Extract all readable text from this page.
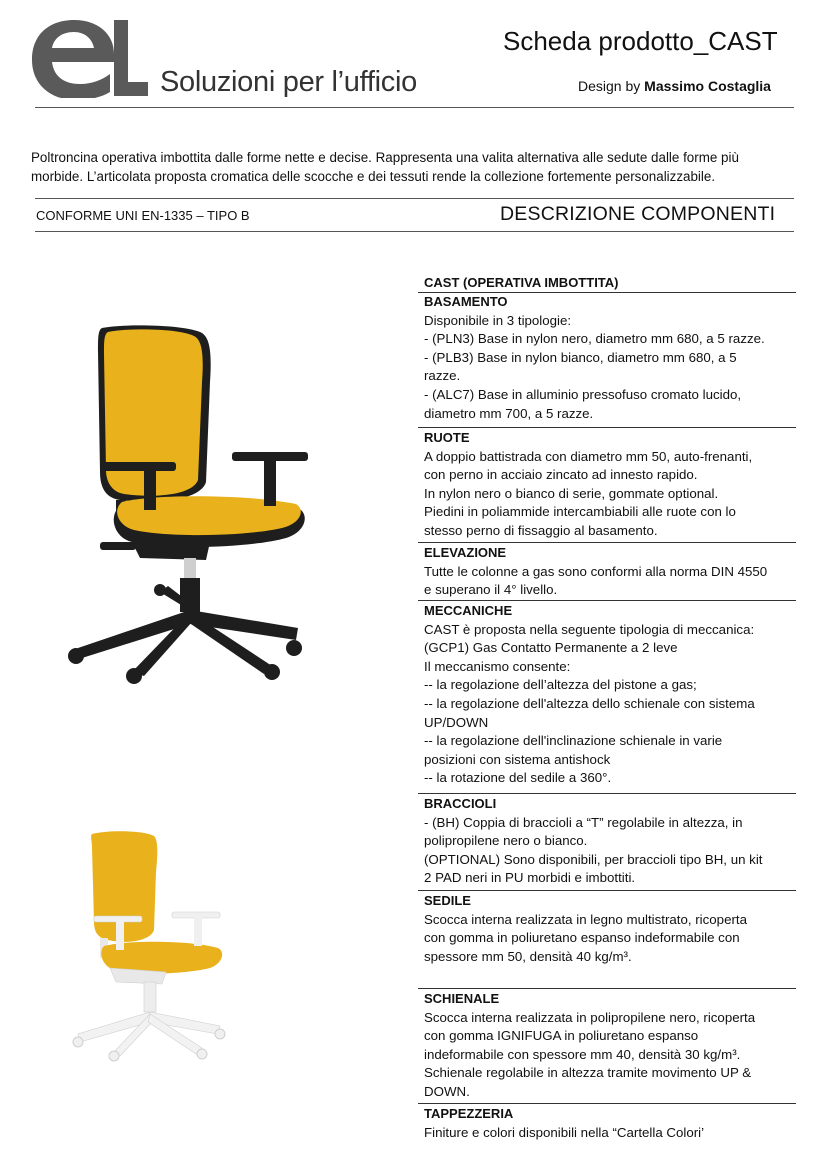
Soluzioni per l’ufficio
Scheda prodotto_CAST
Design by Massimo Costaglia
Poltroncina operativa imbottita dalle forme nette e decise. Rappresenta una valita alternativa alle sedute dalle forme più
morbide. L’articolata proposta cromatica delle scocche e dei tessuti rende la collezione fortemente personalizzabile.
CONFORME UNI EN-1335 – TIPO B	DESCRIZIONE COMPONENTI
CAST (OPERATIVA IMBOTTITA)
BASAMENTO
Disponibile in 3 tipologie:
- (PLN3) Base in nylon nero, diametro mm 680, a 5 razze.
- (PLB3) Base in nylon bianco, diametro mm 680, a 5
razze.
- (ALC7) Base in alluminio pressofuso cromato lucido,
diametro mm 700, a 5 razze.
RUOTE
A doppio battistrada con diametro mm 50, auto-frenanti,
con perno in acciaio zincato ad innesto rapido.
In nylon nero o bianco di serie, gommate optional.
Piedini in poliammide intercambiabili alle ruote con lo
stesso perno di fissaggio al basamento.
ELEVAZIONE
Tutte le colonne a gas sono conformi alla norma DIN 4550
e superano il 4° livello.
MECCANICHE
CAST è proposta nella seguente tipologia di meccanica:
(GCP1) Gas Contatto Permanente a 2 leve
Il meccanismo consente:
-- la regolazione dell’altezza del pistone a gas;
-- la regolazione dell'altezza dello schienale con sistema
UP/DOWN
-- la regolazione dell'inclinazione schienale in varie
posizioni con sistema antishock
-- la rotazione del sedile a 360°.
BRACCIOLI
- (BH) Coppia di braccioli a “T” regolabile in altezza, in
polipropilene nero o bianco.
(OPTIONAL) Sono disponibili, per braccioli tipo BH, un kit
2 PAD neri in PU morbidi e imbottiti.
SEDILE
Scocca interna realizzata in legno multistrato, ricoperta
con gomma in poliuretano espanso indeformabile con
spessore mm 50, densità 40 kg/m³.
SCHIENALE
Scocca interna realizzata in polipropilene nero, ricoperta
con gomma IGNIFUGA in poliuretano espanso
indeformabile con spessore mm 40, densità 30 kg/m³.
Schienale regolabile in altezza tramite movimento UP &
DOWN.
TAPPEZZERIA
Finiture e colori disponibili nella “Cartella Colori’
